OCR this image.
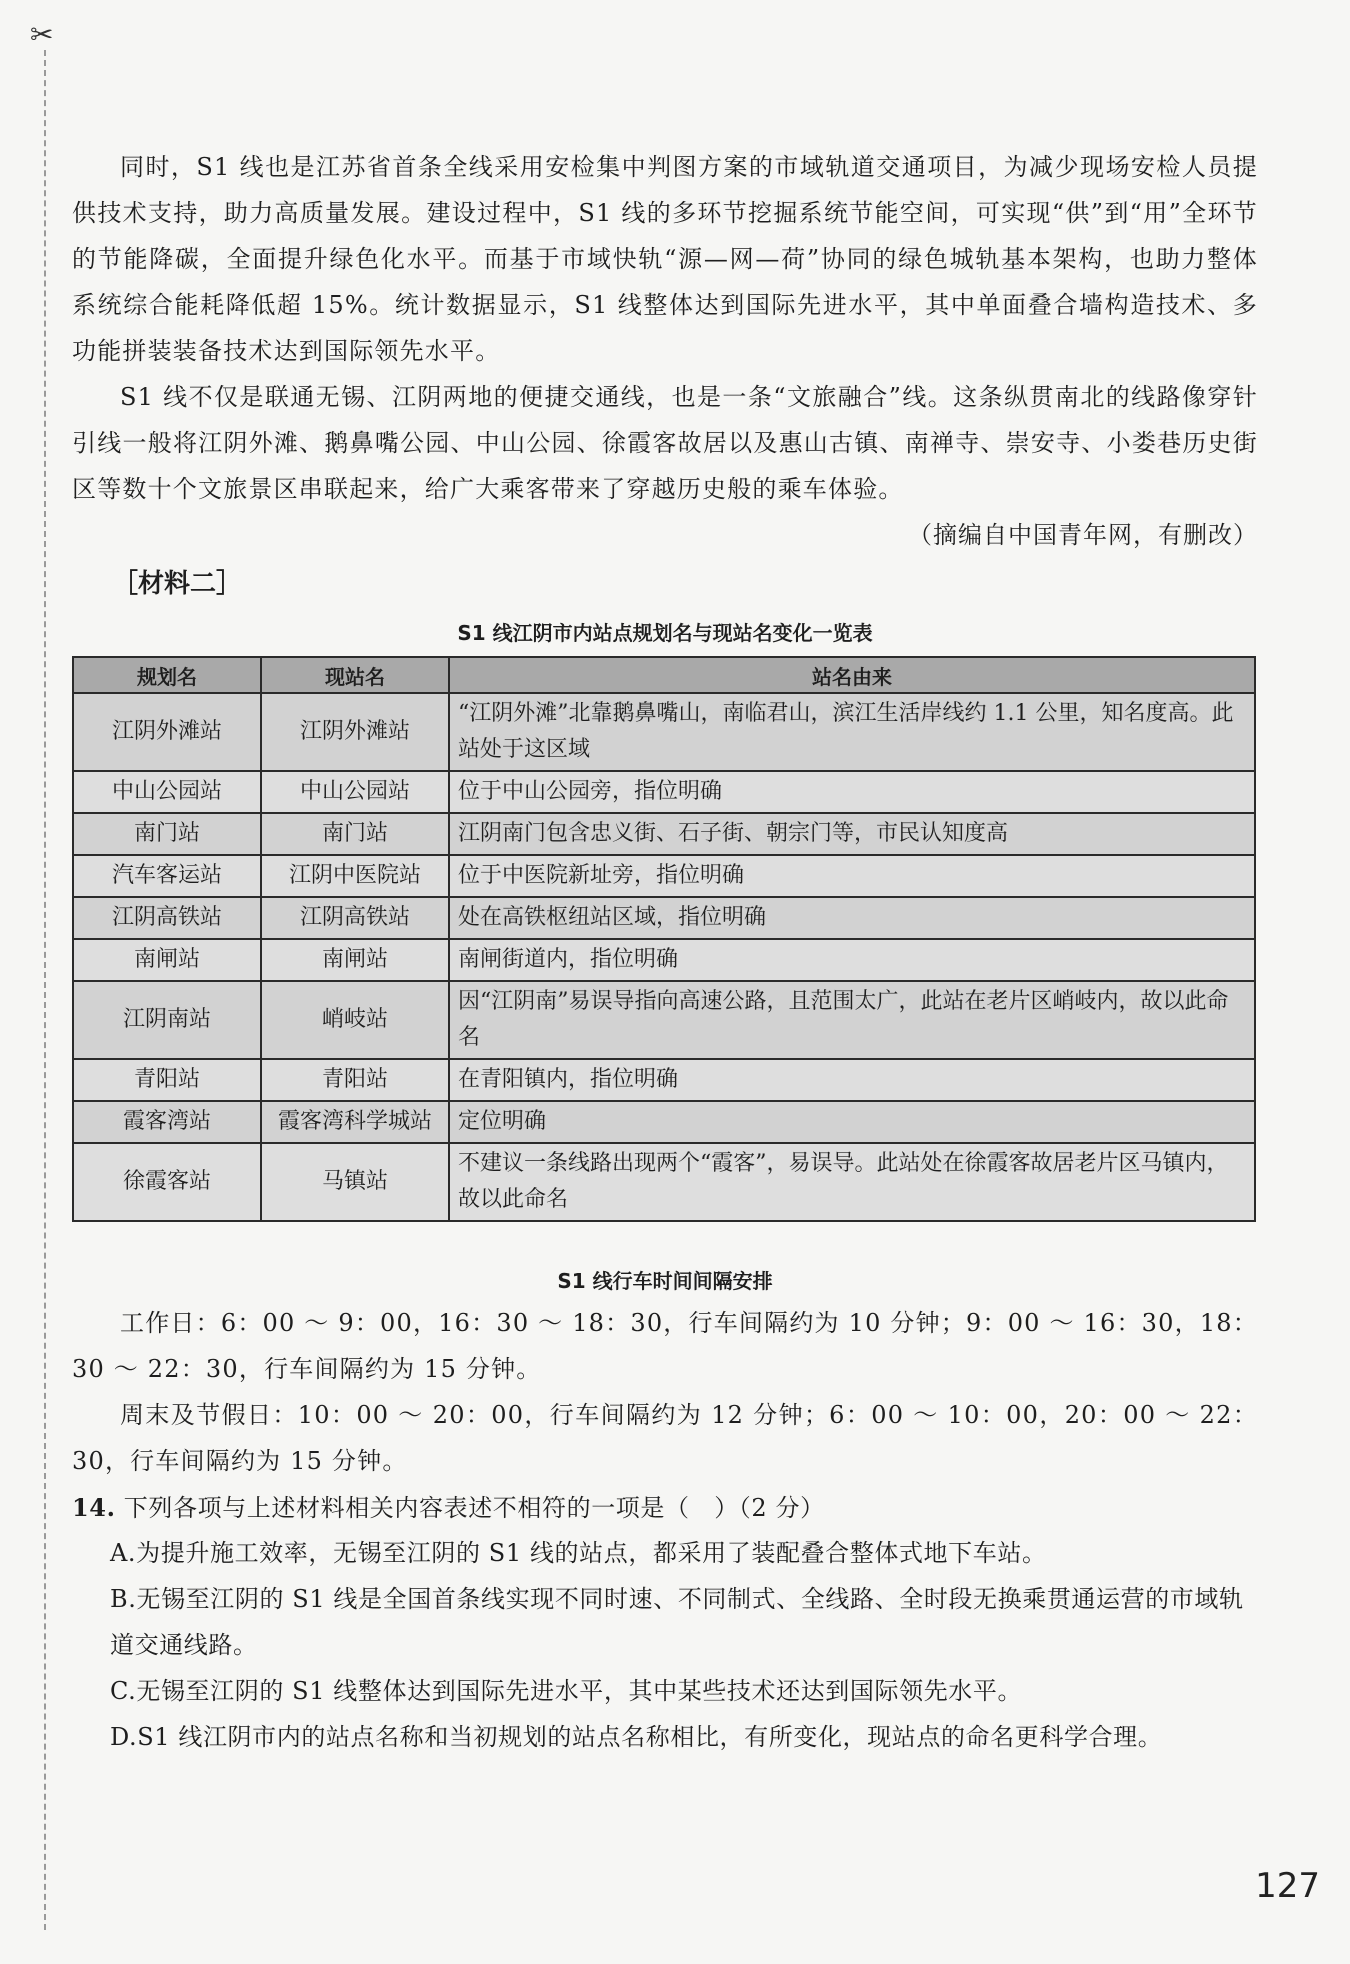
✂

同时，S1 线也是江苏省首条全线采用安检集中判图方案的市域轨道交通项目，为减少现场安检人员提供技术支持，助力高质量发展。建设过程中，S1 线的多环节挖掘系统节能空间，可实现“供”到“用”全环节的节能降碳，全面提升绿色化水平。而基于市域快轨“源—网—荷”协同的绿色城轨基本架构，也助力整体系统综合能耗降低超 15%。统计数据显示，S1 线整体达到国际先进水平，其中单面叠合墙构造技术、多功能拼装装备技术达到国际领先水平。

S1 线不仅是联通无锡、江阴两地的便捷交通线，也是一条“文旅融合”线。这条纵贯南北的线路像穿针引线一般将江阴外滩、鹅鼻嘴公园、中山公园、徐霞客故居以及惠山古镇、南禅寺、崇安寺、小娄巷历史街区等数十个文旅景区串联起来，给广大乘客带来了穿越历史般的乘车体验。

（摘编自中国青年网，有删改）

［材料二］
S1 线江阴市内站点规划名与现站名变化一览表
规划名	现站名	站名由来
江阴外滩站	江阴外滩站	“江阴外滩”北靠鹅鼻嘴山，南临君山，滨江生活岸线约 1.1 公里，知名度高。此站处于这区域
中山公园站	中山公园站	位于中山公园旁，指位明确
南门站	南门站	江阴南门包含忠义街、石子街、朝宗门等，市民认知度高
汽车客运站	江阴中医院站	位于中医院新址旁，指位明确
江阴高铁站	江阴高铁站	处在高铁枢纽站区域，指位明确
南闸站	南闸站	南闸街道内，指位明确
江阴南站	峭岐站	因“江阴南”易误导指向高速公路，且范围太广，此站在老片区峭岐内，故以此命名
青阳站	青阳站	在青阳镇内，指位明确
霞客湾站	霞客湾科学城站	定位明确
徐霞客站	马镇站	不建议一条线路出现两个“霞客”，易误导。此站处在徐霞客故居老片区马镇内，故以此命名
S1 线行车时间间隔安排

工作日：6：00 ～ 9：00，16：30 ～ 18：30，行车间隔约为 10 分钟；9：00 ～ 16：30，18：30 ～ 22：30，行车间隔约为 15 分钟。

周末及节假日：10：00 ～ 20：00，行车间隔约为 12 分钟；6：00 ～ 10：00，20：00 ～ 22：30，行车间隔约为 15 分钟。

14. 下列各项与上述材料相关内容表述不相符的一项是（　）（2 分）

A.为提升施工效率，无锡至江阴的 S1 线的站点，都采用了装配叠合整体式地下车站。

B.无锡至江阴的 S1 线是全国首条线实现不同时速、不同制式、全线路、全时段无换乘贯通运营的市域轨道交通线路。

C.无锡至江阴的 S1 线整体达到国际先进水平，其中某些技术还达到国际领先水平。

D.S1 线江阴市内的站点名称和当初规划的站点名称相比，有所变化，现站点的命名更科学合理。

127
